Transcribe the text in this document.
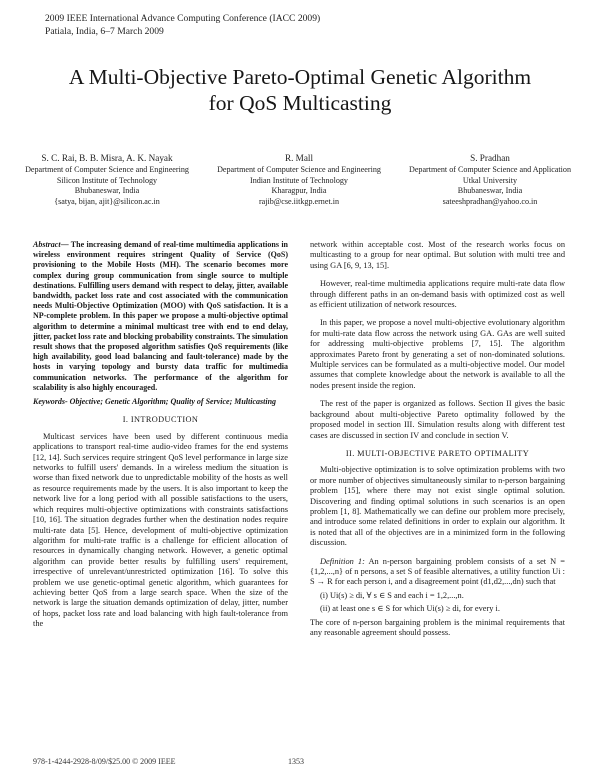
2009 IEEE International Advance Computing Conference (IACC 2009)
Patiala, India, 6–7 March 2009
A Multi-Objective Pareto-Optimal Genetic Algorithm
for QoS Multicasting
S. C. Rai, B. B. Misra, A. K. Nayak
Department of Computer Science and Engineering
Silicon Institute of Technology
Bhubaneswar, India
{satya, bijan, ajit}@silicon.ac.in
R. Mall
Department of Computer Science and Engineering
Indian Institute of Technology
Kharagpur, India
rajib@cse.iitkgp.ernet.in
S. Pradhan
Department of Computer Science and Application
Utkal University
Bhubaneswar, India
sateeshpradhan@yahoo.co.in

Abstract— The increasing demand of real-time multimedia applications in wireless environment requires stringent Quality of Service (QoS) provisioning to the Mobile Hosts (MH). The scenario becomes more complex during group communication from single source to multiple destinations. Fulfilling users demand with respect to delay, jitter, available bandwidth, packet loss rate and cost associated with the communication needs Multi-Objective Optimization (MOO) with QoS satisfaction. It is a NP-complete problem. In this paper we propose a multi-objective optimal algorithm to determine a minimal multicast tree with end to end delay, jitter, packet loss rate and blocking probability constraints. The simulation result shows that the proposed algorithm satisfies QoS requirements (like high availability, good load balancing and fault-tolerance) made by the hosts in varying topology and bursty data traffic for multimedia communication networks. The performance of the algorithm for scalability is also highly encouraged.

Keywords- Objective; Genetic Algorithm; Quality of Service; Multicasting

I. INTRODUCTION

Multicast services have been used by different continuous media applications to transport real-time audio-video frames for the end systems [12, 14]. Such services require stringent QoS level performance in large size networks to fulfill users' demands. In a wireless medium the situation is worse than fixed network due to unpredictable mobility of the hosts as well as resource requirements made by the users. It is also important to keep the network live for a long period with all possible satisfactions to the users, which requires multi-objective optimizations with constraints satisfactions [10, 16]. The situation degrades further when the destination nodes require multi-rate data [5]. Hence, development of multi-objective optimization algorithm for multi-rate traffic is a challenge for efficient allocation of resources in dynamically changing network. However, a genetic optimal algorithm can provide better results by fulfilling users' requirement, irrespective of unrelevant/unrestricted optimization [16]. To solve this problem we use genetic-optimal genetic algorithm, which guarantees for achieving better QoS from a large search space. When the size of the network is large the situation demands optimization of delay, jitter, number of hops, packet loss rate and load balancing with high fault-tolerance from the

network within acceptable cost. Most of the research works focus on multicasting to a group for near optimal. But solution with multi tree and using GA [6, 9, 13, 15].

However, real-time multimedia applications require multi-rate data flow through different paths in an on-demand basis with optimized cost as well as efficient utilization of network resources.

In this paper, we propose a novel multi-objective evolutionary algorithm for multi-rate data flow across the network using GA. GAs are well suited for addressing multi-objective problems [7, 15]. The algorithm approximates Pareto front by generating a set of non-dominated solutions. Multiple services can be formulated as a multi-objective model. Our model assumes that complete knowledge about the network is available to all the nodes present inside the region.

The rest of the paper is organized as follows. Section II gives the basic background about multi-objective Pareto optimality followed by the proposed model in section III. Simulation results along with different test cases are discussed in section IV and conclude in section V.

II. MULTI-OBJECTIVE PARETO OPTIMALITY

Multi-objective optimization is to solve optimization problems with two or more number of objectives simultaneously similar to n-person bargaining problem [15], where there may not exist single optimal solution. Discovering and finding optimal solutions in such scenarios is an open problem [1, 8]. Mathematically we can define our problem more precisely, and introduce some related definitions in order to explain our algorithm. It is noted that all of the objectives are in a minimized form in the following discussion.

Definition 1: An n-person bargaining problem consists of a set N = {1,2,...,n} of n persons, a set S of feasible alternatives, a utility function Ui : S → R for each person i, and a disagreement point (d1,d2,...,dn) such that

(i) Ui(s) ≥ di, ∀ s ∈ S and each i = 1,2,...,n.

(ii) at least one s ∈ S for which Ui(s) ≥ di, for every i.

The core of n-person bargaining problem is the minimal requirements that any reasonable agreement should possess.

978-1-4244-2928-8/09/$25.00 © 2009 IEEE	1353
